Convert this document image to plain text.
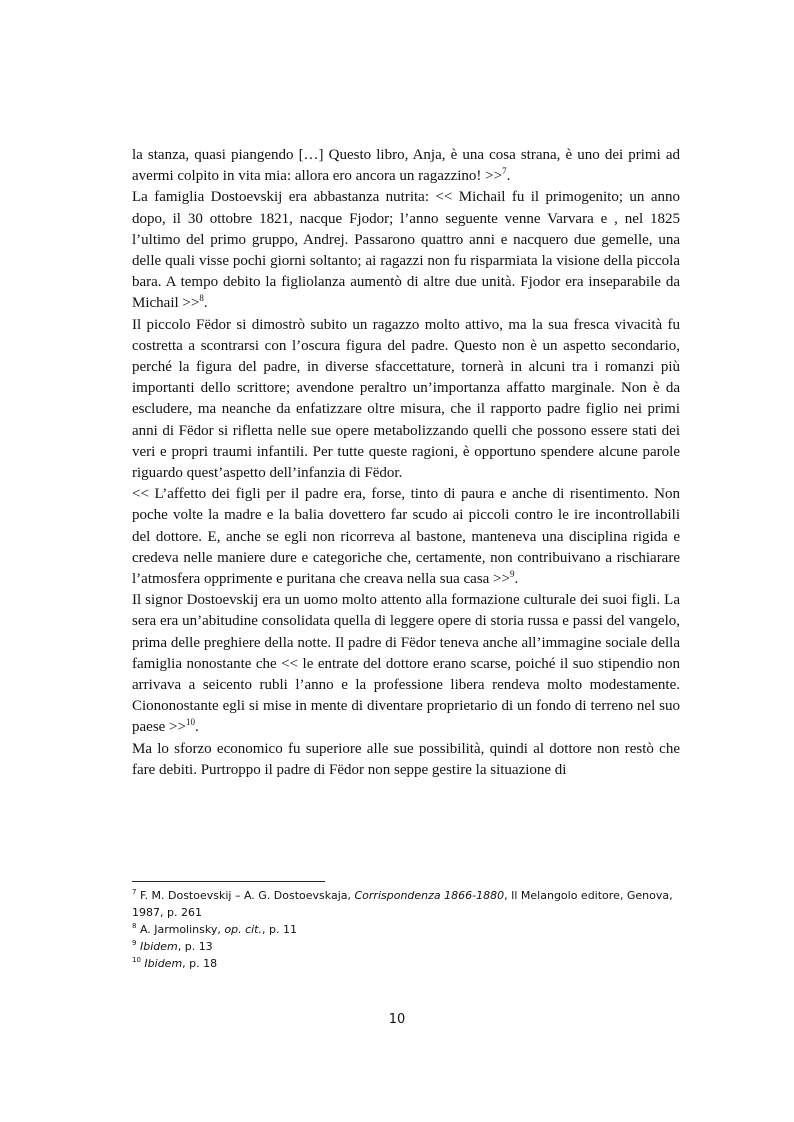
la stanza, quasi piangendo […] Questo libro, Anja, è una cosa strana, è uno dei primi ad avermi colpito in vita mia: allora ero ancora un ragazzino! >>$^7$.

La famiglia Dostoevskij era abbastanza nutrita: << Michail fu il primogenito; un anno dopo, il 30 ottobre 1821, nacque Fjodor; l’anno seguente venne Varvara e , nel 1825 l’ultimo del primo gruppo, Andrej. Passarono quattro anni e nacquero due gemelle, una delle quali visse pochi giorni soltanto; ai ragazzi non fu risparmiata la visione della piccola bara. A tempo debito la figliolanza aumentò di altre due unità. Fjodor era inseparabile da Michail >>$^8$.

Il piccolo Fëdor si dimostrò subito un ragazzo molto attivo, ma la sua fresca vivacità fu costretta a scontrarsi con l’oscura figura del padre. Questo non è un aspetto secondario, perché la figura del padre, in diverse sfaccettature, tornerà in alcuni tra i romanzi più importanti dello scrittore; avendone peraltro un’importanza affatto marginale. Non è da escludere, ma neanche da enfatizzare oltre misura, che il rapporto padre figlio nei primi anni di Fëdor si rifletta nelle sue opere metabolizzando quelli che possono essere stati dei veri e propri traumi infantili. Per tutte queste ragioni, è opportuno spendere alcune parole riguardo quest’aspetto dell’infanzia di Fëdor.

<< L’affetto dei figli per il padre era, forse, tinto di paura e anche di risentimento. Non poche volte la madre e la balia dovettero far scudo ai piccoli contro le ire incontrollabili del dottore. E, anche se egli non ricorreva al bastone, manteneva una disciplina rigida e credeva nelle maniere dure e categoriche che, certamente, non contribuivano a rischiarare l’atmosfera opprimente e puritana che creava nella sua casa >>$^9$.

Il signor Dostoevskij era un uomo molto attento alla formazione culturale dei suoi figli. La sera era un’abitudine consolidata quella di leggere opere di storia russa e passi del vangelo, prima delle preghiere della notte. Il padre di Fëdor teneva anche all’immagine sociale della famiglia nonostante che << le entrate del dottore erano scarse, poiché il suo stipendio non arrivava a seicento rubli l’anno e la professione libera rendeva molto modestamente. Ciononostante egli si mise in mente di diventare proprietario di un fondo di terreno nel suo paese >>$^{10}$.

Ma lo sforzo economico fu superiore alle sue possibilità, quindi al dottore non restò che fare debiti. Purtroppo il padre di Fëdor non seppe gestire la situazione di

$^7$ F. M. Dostoevskij – A. G. Dostoevskaja, Corrispondenza 1866-1880, Il Melangolo editore, Genova, 1987, p. 261

$^8$ A. Jarmolinsky, op. cit., p. 11

$^9$ Ibidem, p. 13

$^{10}$ Ibidem, p. 18

10
